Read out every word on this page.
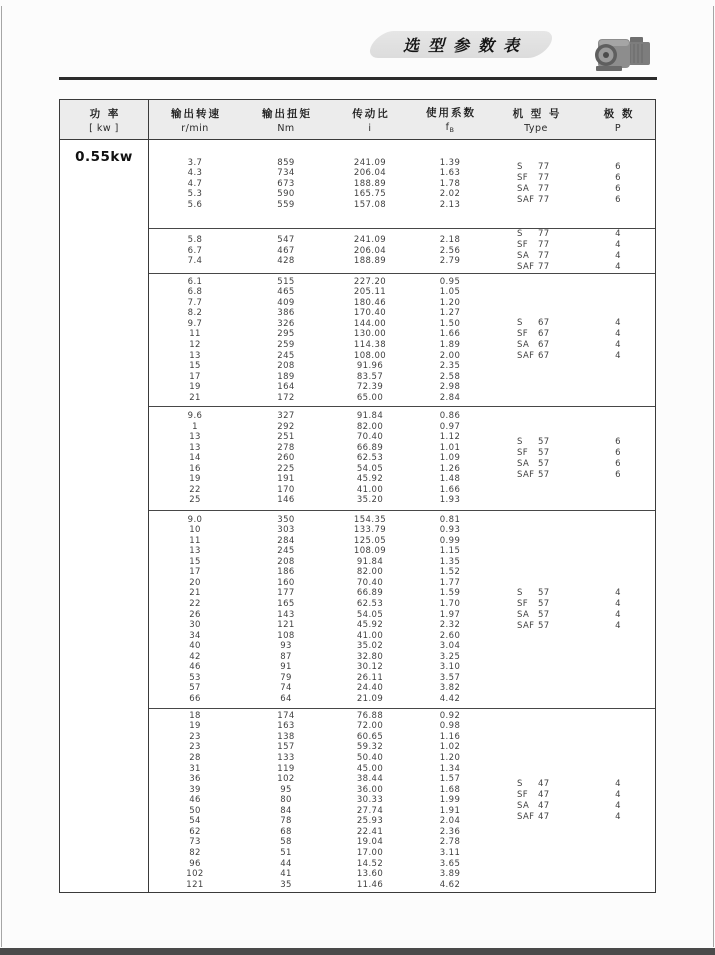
选型参数表
功 率
[ kw ]
输出转速
r/min
输出扭矩
Nm
传动比
i
使用系数
$f_B$
机 型 号
Type
极 数
P
0.55kw	3.7
4.3
4.7
5.3
5.6
859
734
673
590
559
241.09
206.04
188.89
165.75
157.08
1.39
1.63
1.78
2.02
2.13
S 77
SF 77
SA 77
SAF 77
6
6
6
6
5.8
6.7
7.4
547
467
428
241.09
206.04
188.89
2.18
2.56
2.79
S 77
SF 77
SA 77
SAF 77
4
4
4
4
6.1
6.8
7.7
8.2
9.7
11
12
13
15
17
19
21
515
465
409
386
326
295
259
245
208
189
164
172
227.20
205.11
180.46
170.40
144.00
130.00
114.38
108.00
91.96
83.57
72.39
65.00
0.95
1.05
1.20
1.27
1.50
1.66
1.89
2.00
2.35
2.58
2.98
2.84
S 67
SF 67
SA 67
SAF 67
4
4
4
4
9.6
1
13
13
14
16
19
22
25
327
292
251
278
260
225
191
170
146
91.84
82.00
70.40
66.89
62.53
54.05
45.92
41.00
35.20
0.86
0.97
1.12
1.01
1.09
1.26
1.48
1.66
1.93
S 57
SF 57
SA 57
SAF 57
6
6
6
6
9.0
10
11
13
15
17
20
21
22
26
30
34
40
42
46
53
57
66
350
303
284
245
208
186
160
177
165
143
121
108
93
87
91
79
74
64
154.35
133.79
125.05
108.09
91.84
82.00
70.40
66.89
62.53
54.05
45.92
41.00
35.02
32.80
30.12
26.11
24.40
21.09
0.81
0.93
0.99
1.15
1.35
1.52
1.77
1.59
1.70
1.97
2.32
2.60
3.04
3.25
3.10
3.57
3.82
4.42
S 57
SF 57
SA 57
SAF 57
4
4
4
4
18
19
23
23
28
31
36
39
46
50
54
62
73
82
96
102
121
174
163
138
157
133
119
102
95
80
84
78
68
58
51
44
41
35
76.88
72.00
60.65
59.32
50.40
45.00
38.44
36.00
30.33
27.74
25.93
22.41
19.04
17.00
14.52
13.60
11.46
0.92
0.98
1.16
1.02
1.20
1.34
1.57
1.68
1.99
1.91
2.04
2.36
2.78
3.11
3.65
3.89
4.62
S 47
SF 47
SA 47
SAF 47
4
4
4
4
